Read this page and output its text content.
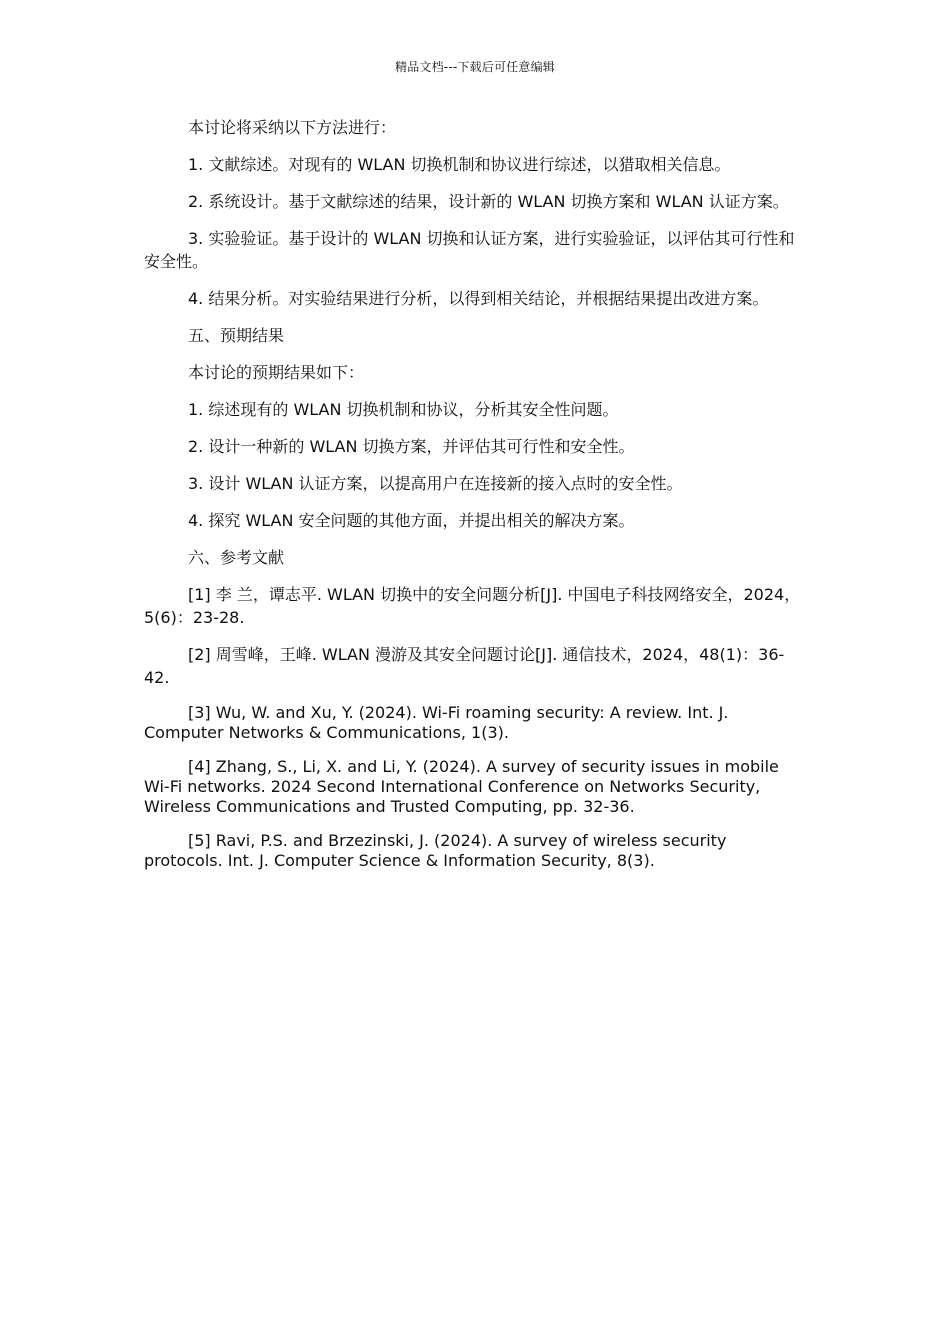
精品文档---下载后可任意编辑

本讨论将采纳以下方法进行：

1. 文献综述。对现有的 WLAN 切换机制和协议进行综述，以猎取相关信息。

2. 系统设计。基于文献综述的结果，设计新的 WLAN 切换方案和 WLAN 认证方案。

3. 实验验证。基于设计的 WLAN 切换和认证方案，进行实验验证，以评估其可行性和安全性。

4. 结果分析。对实验结果进行分析，以得到相关结论，并根据结果提出改进方案。

五、预期结果

本讨论的预期结果如下：

1. 综述现有的 WLAN 切换机制和协议，分析其安全性问题。

2. 设计一种新的 WLAN 切换方案，并评估其可行性和安全性。

3. 设计 WLAN 认证方案，以提高用户在连接新的接入点时的安全性。

4. 探究 WLAN 安全问题的其他方面，并提出相关的解决方案。

六、参考文献

[1] 李 兰，谭志平. WLAN 切换中的安全问题分析[J]. 中国电子科技网络安全，2024，5(6)：23-28.

[2] 周雪峰，王峰. WLAN 漫游及其安全问题讨论[J]. 通信技术，2024，48(1)：36-42.

[3] Wu, W. and Xu, Y. (2024). Wi-Fi roaming security: A review. Int. J. Computer Networks & Communications, 1(3).

[4] Zhang, S., Li, X. and Li, Y. (2024). A survey of security issues in mobile Wi-Fi networks. 2024 Second International Conference on Networks Security, Wireless Communications and Trusted Computing, pp. 32-36.

[5] Ravi, P.S. and Brzezinski, J. (2024). A survey of wireless security protocols. Int. J. Computer Science & Information Security, 8(3).
